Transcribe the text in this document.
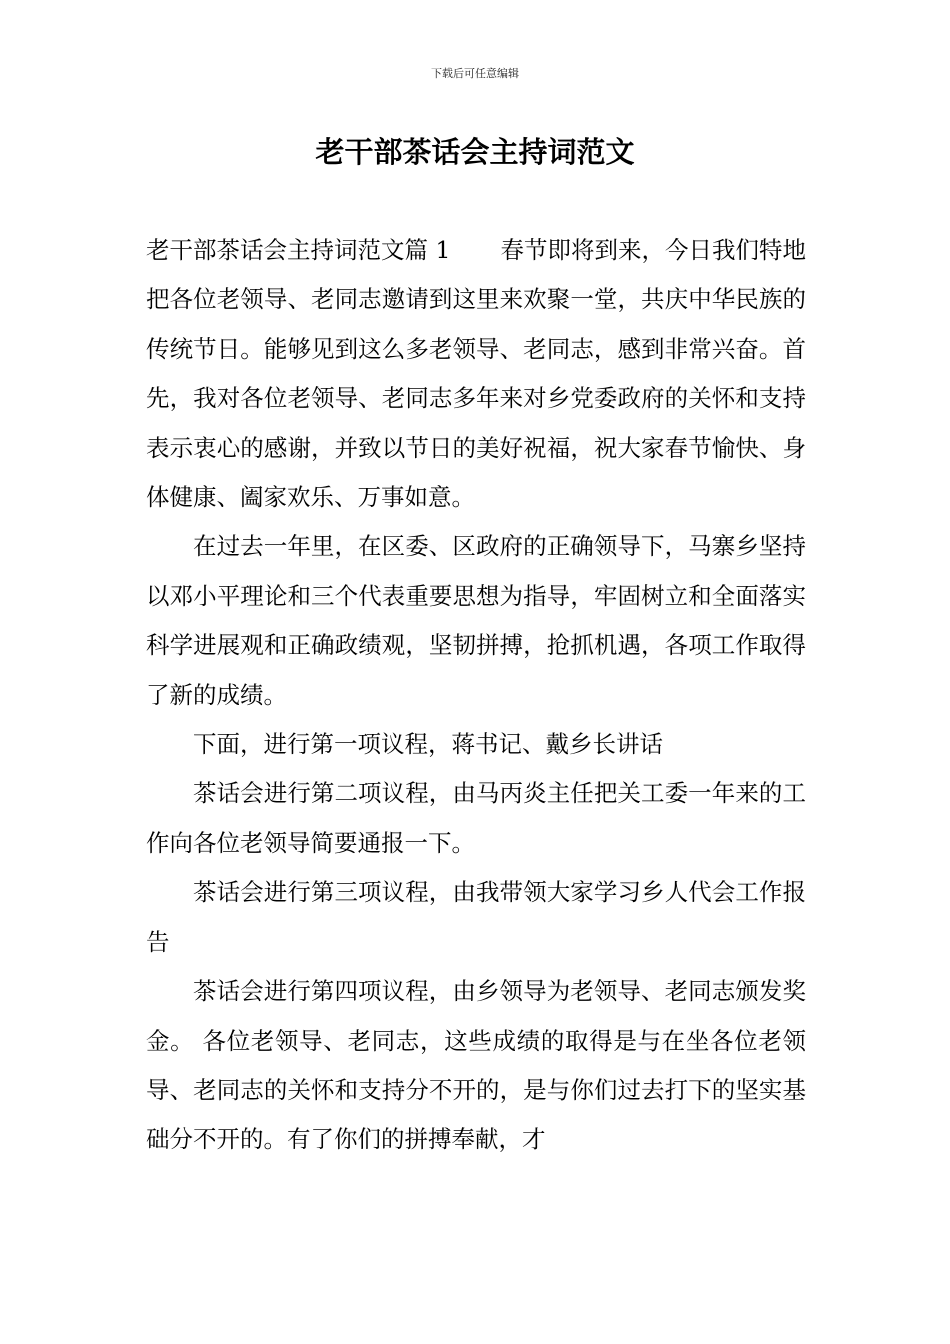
下载后可任意编辑
老干部茶话会主持词范文

老干部茶话会主持词范文篇 1 春节即将到来，今日我们特地把各位老领导、老同志邀请到这里来欢聚一堂，共庆中华民族的传统节日。能够见到这么多老领导、老同志，感到非常兴奋。首先，我对各位老领导、老同志多年来对乡党委政府的关怀和支持表示衷心的感谢，并致以节日的美好祝福，祝大家春节愉快、身体健康、阖家欢乐、万事如意。

在过去一年里，在区委、区政府的正确领导下，马寨乡坚持以邓小平理论和三个代表重要思想为指导，牢固树立和全面落实科学进展观和正确政绩观，坚韧拼搏，抢抓机遇，各项工作取得了新的成绩。

下面，进行第一项议程，蒋书记、戴乡长讲话

茶话会进行第二项议程，由马丙炎主任把关工委一年来的工作向各位老领导简要通报一下。

茶话会进行第三项议程，由我带领大家学习乡人代会工作报告

茶话会进行第四项议程，由乡领导为老领导、老同志颁发奖金。 各位老领导、老同志，这些成绩的取得是与在坐各位老领导、老同志的关怀和支持分不开的，是与你们过去打下的坚实基础分不开的。有了你们的拼搏奉献，才
